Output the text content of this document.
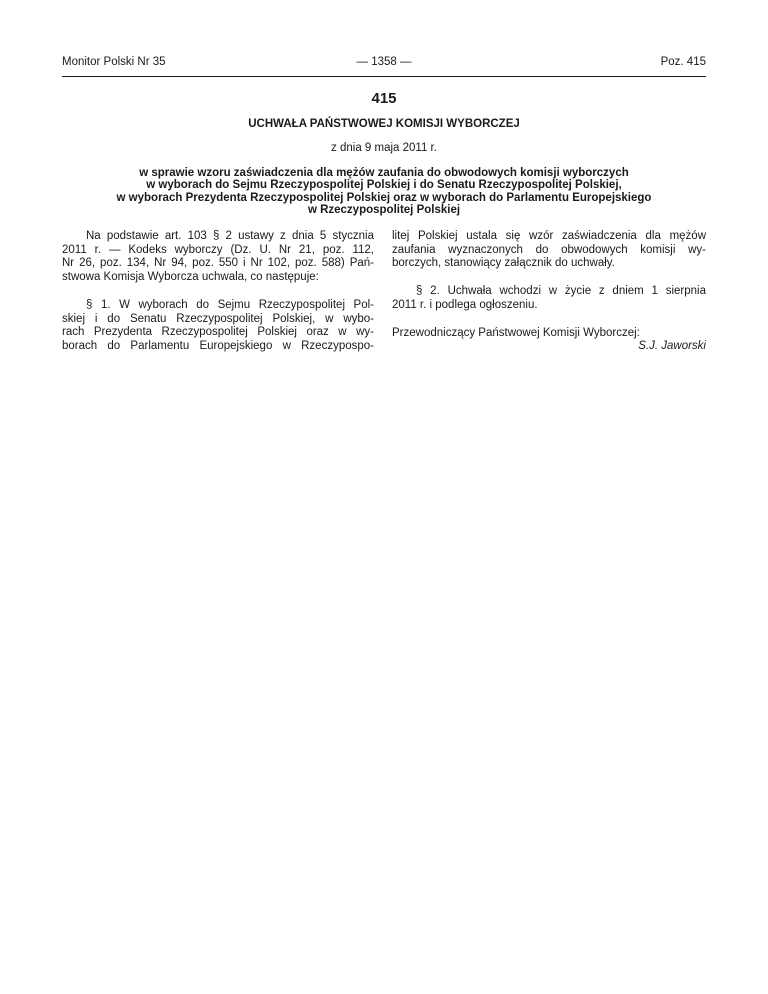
Monitor Polski Nr 35	— 1358 —	Poz. 415
415
UCHWAŁA PAŃSTWOWEJ KOMISJI WYBORCZEJ
z dnia 9 maja 2011 r.
w sprawie wzoru zaświadczenia dla mężów zaufania do obwodowych komisji wyborczych
w wyborach do Sejmu Rzeczypospolitej Polskiej i do Senatu Rzeczypospolitej Polskiej,
w wyborach Prezydenta Rzeczypospolitej Polskiej oraz w wyborach do Parlamentu Europejskiego
w Rzeczypospolitej Polskiej
Na podstawie art. 103 § 2 ustawy z dnia 5 stycznia
2011 r. — Kodeks wyborczy (Dz. U. Nr 21, poz. 112,
Nr 26, poz. 134, Nr 94, poz. 550 i Nr 102, poz. 588) Pań-
stwowa Komisja Wyborcza uchwala, co następuje:
§ 1. W wyborach do Sejmu Rzeczypospolitej Pol-
skiej i do Senatu Rzeczypospolitej Polskiej, w wybo-
rach Prezydenta Rzeczypospolitej Polskiej oraz w wy-
borach do Parlamentu Europejskiego w Rzeczypospo-
litej Polskiej ustala się wzór zaświadczenia dla mężów
zaufania wyznaczonych do obwodowych komisji wy-
borczych, stanowiący załącznik do uchwały.
§ 2. Uchwała wchodzi w życie z dniem 1 sierpnia
2011 r. i podlega ogłoszeniu.
Przewodniczący Państwowej Komisji Wyborczej:
S.J. Jaworski
